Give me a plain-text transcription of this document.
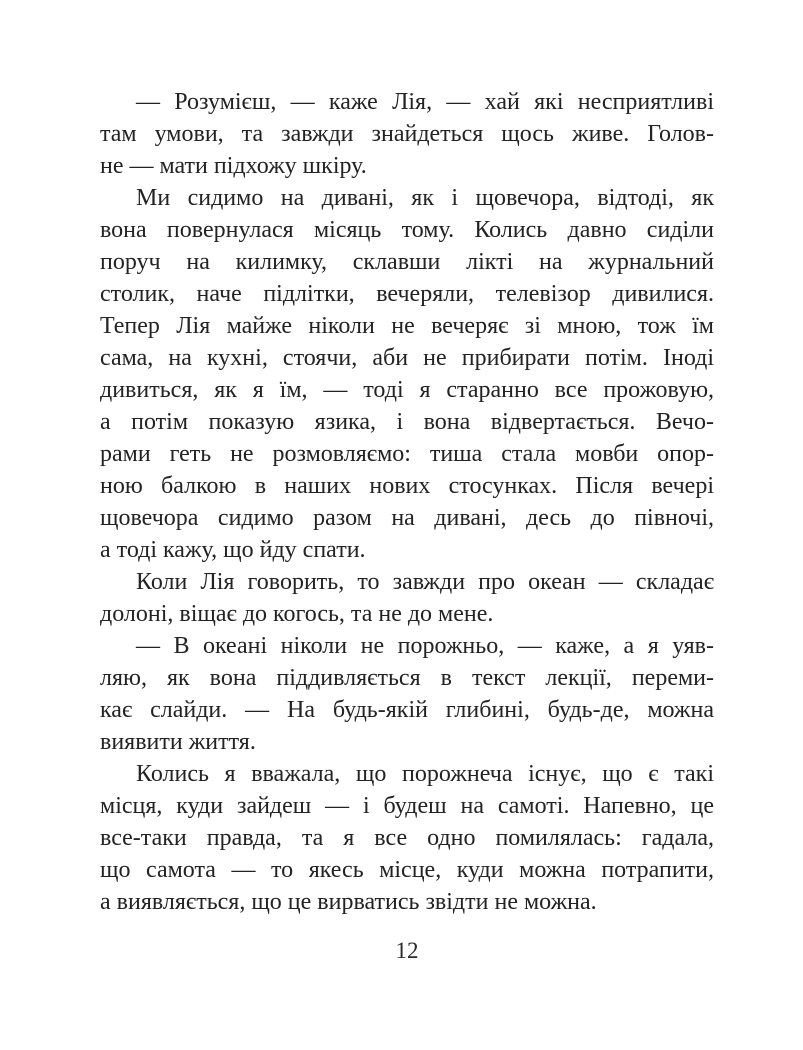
— Розумієш, — каже Лія, — хай які несприятливі
там умови, та завжди знайдеться щось живе. Голов-
не — мати підхожу шкіру.
Ми сидимо на дивані, як і щовечора, відтоді, як
вона повернулася місяць тому. Колись давно сиділи
поруч на килимку, склавши лікті на журнальний
столик, наче підлітки, вечеряли, телевізор дивилися.
Тепер Лія майже ніколи не вечеряє зі мною, тож їм
сама, на кухні, стоячи, аби не прибирати потім. Іноді
дивиться, як я їм, — тоді я старанно все прожовую,
а потім показую язика, і вона відвертається. Вечо-
рами геть не розмовляємо: тиша стала мовби опор-
ною балкою в наших нових стосунках. Після вечері
щовечора сидимо разом на дивані, десь до півночі,
а тоді кажу, що йду спати.
Коли Лія говорить, то завжди про океан — складає
долоні, віщає до когось, та не до мене.
— В океані ніколи не порожньо, — каже, а я уяв-
ляю, як вона піддивляється в текст лекції, переми-
кає слайди. — На будь-якій глибині, будь-де, можна
виявити життя.
Колись я вважала, що порожнеча існує, що є такі
місця, куди зайдеш — і будеш на самоті. Напевно, це
все-таки правда, та я все одно помилялась: гадала,
що самота — то якесь місце, куди можна потрапити,
а виявляється, що це вирватись звідти не можна.
12
